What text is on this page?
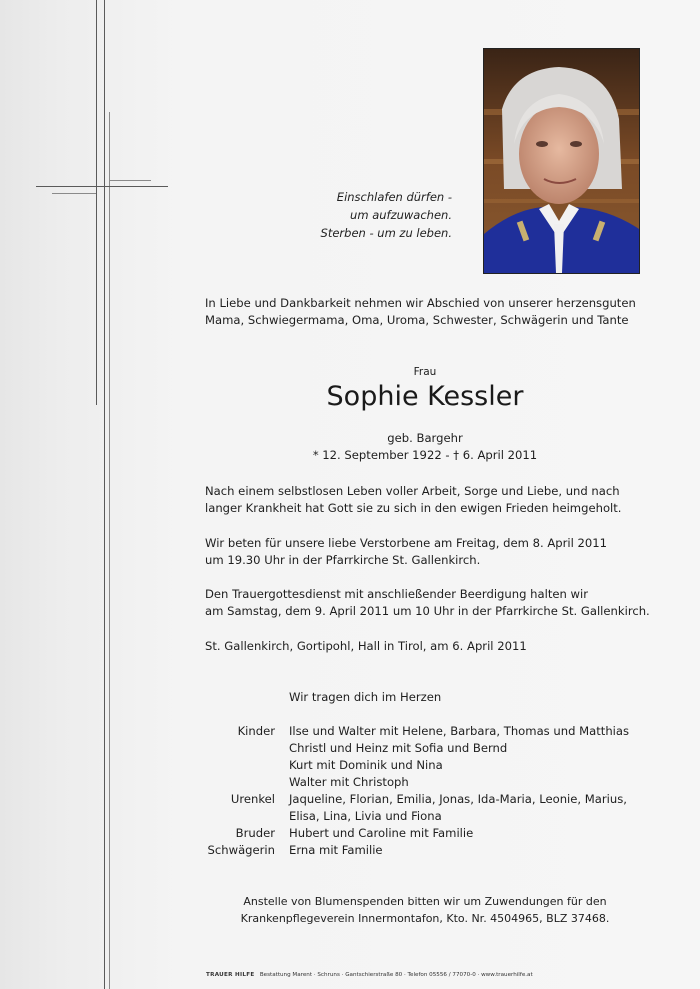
Einschlafen dürfen -
um aufzuwachen.
Sterben - um zu leben.
In Liebe und Dankbarkeit nehmen wir Abschied von unserer herzensguten
Mama, Schwiegermama, Oma, Uroma, Schwester, Schwägerin und Tante
Frau
Sophie Kessler
geb. Bargehr
* 12. September 1922 - † 6. April 2011
Nach einem selbstlosen Leben voller Arbeit, Sorge und Liebe, und nach
langer Krankheit hat Gott sie zu sich in den ewigen Frieden heimgeholt.
Wir beten für unsere liebe Verstorbene am Freitag, dem 8. April 2011
um 19.30 Uhr in der Pfarrkirche St. Gallenkirch.
Den Trauergottesdienst mit anschließender Beerdigung halten wir
am Samstag, dem 9. April 2011 um 10 Uhr in der Pfarrkirche St. Gallenkirch.
St. Gallenkirch, Gortipohl, Hall in Tirol, am 6. April 2011
Wir tragen dich im Herzen
Kinder Ilse und Walter mit Helene, Barbara, Thomas und Matthias
Christl und Heinz mit Sofia und Bernd
Kurt mit Dominik und Nina
Walter mit Christoph
Urenkel Jaqueline, Florian, Emilia, Jonas, Ida-Maria, Leonie, Marius,
Elisa, Lina, Livia und Fiona
Bruder Hubert und Caroline mit Familie
Schwägerin Erna mit Familie
Anstelle von Blumenspenden bitten wir um Zuwendungen für den
Krankenpflegeverein Innermontafon, Kto. Nr. 4504965, BLZ 37468.
TRAUER HILFE Bestattung Marent · Schruns · Gantschierstraße 80 · Telefon 05556 / 77070-0 · www.trauerhilfe.at
